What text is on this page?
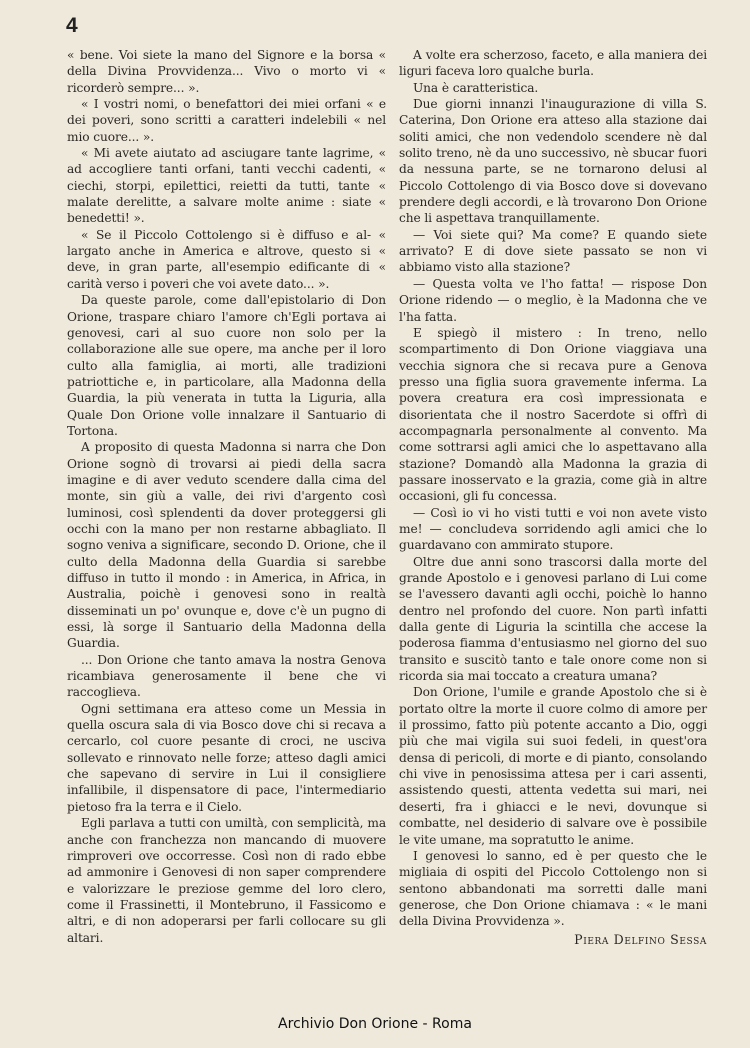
4

« bene. Voi siete la mano del Signore e la borsa « della Divina Provvidenza... Vivo o morto vi « ricorderò sempre... ».

« I vostri nomi, o benefattori dei miei orfani « e dei poveri, sono scritti a caratteri indelebili « nel mio cuore... ».

« Mi avete aiutato ad asciugare tante lagrime, « ad accogliere tanti orfani, tanti vecchi cadenti, « ciechi, storpi, epilettici, reietti da tutti, tante « malate derelitte, a salvare molte anime : siate « benedetti! ».

« Se il Piccolo Cottolengo si è diffuso e al- « largato anche in America e altrove, questo si « deve, in gran parte, all'esempio edificante di « carità verso i poveri che voi avete dato... ».

Da queste parole, come dall'epistolario di Don Orione, traspare chiaro l'amore ch'Egli portava ai genovesi, cari al suo cuore non solo per la collaborazione alle sue opere, ma anche per il loro culto alla famiglia, ai morti, alle tradizioni patriottiche e, in particolare, alla Madonna della Guardia, la più venerata in tutta la Liguria, alla Quale Don Orione volle innalzare il Santuario di Tortona.

A proposito di questa Madonna si narra che Don Orione sognò di trovarsi ai piedi della sacra imagine e di aver veduto scendere dalla cima del monte, sin giù a valle, dei rivi d'argento così luminosi, così splendenti da dover proteggersi gli occhi con la mano per non restarne abbagliato. Il sogno veniva a significare, secondo D. Orione, che il culto della Madonna della Guardia si sarebbe diffuso in tutto il mondo : in America, in Africa, in Australia, poichè i genovesi sono in realtà disseminati un po' ovunque e, dove c'è un pugno di essi, là sorge il Santuario della Madonna della Guardia.

... Don Orione che tanto amava la nostra Genova ricambiava generosamente il bene che vi raccoglieva.

Ogni settimana era atteso come un Messia in quella oscura sala di via Bosco dove chi si recava a cercarlo, col cuore pesante di croci, ne usciva sollevato e rinnovato nelle forze; atteso dagli amici che sapevano di servire in Lui il consigliere infallibile, il dispensatore di pace, l'intermediario pietoso fra la terra e il Cielo.

Egli parlava a tutti con umiltà, con semplicità, ma anche con franchezza non mancando di muovere rimproveri ove occorresse. Così non di rado ebbe ad ammonire i Genovesi di non saper comprendere e valorizzare le preziose gemme del loro clero, come il Frassinetti, il Montebruno, il Fassicomo e altri, e di non adoperarsi per farli collocare su gli altari.

A volte era scherzoso, faceto, e alla maniera dei liguri faceva loro qualche burla.

Una è caratteristica.

Due giorni innanzi l'inaugurazione di villa S. Caterina, Don Orione era atteso alla stazione dai soliti amici, che non vedendolo scendere nè dal solito treno, nè da uno successivo, nè sbucar fuori da nessuna parte, se ne tornarono delusi al Piccolo Cottolengo di via Bosco dove si dovevano prendere degli accordi, e là trovarono Don Orione che li aspettava tranquillamente.

— Voi siete qui? Ma come? E quando siete arrivato? E di dove siete passato se non vi abbiamo visto alla stazione?

— Questa volta ve l'ho fatta! — rispose Don Orione ridendo — o meglio, è la Madonna che ve l'ha fatta.

E spiegò il mistero : In treno, nello scompartimento di Don Orione viaggiava una vecchia signora che si recava pure a Genova presso una figlia suora gravemente inferma. La povera creatura era così impressionata e disorientata che il nostro Sacerdote si offrì di accompagnarla personalmente al convento. Ma come sottrarsi agli amici che lo aspettavano alla stazione? Domandò alla Madonna la grazia di passare inosservato e la grazia, come già in altre occasioni, gli fu concessa.

— Così io vi ho visti tutti e voi non avete visto me! — concludeva sorridendo agli amici che lo guardavano con ammirato stupore.

Oltre due anni sono trascorsi dalla morte del grande Apostolo e i genovesi parlano di Lui come se l'avessero davanti agli occhi, poichè lo hanno dentro nel profondo del cuore. Non partì infatti dalla gente di Liguria la scintilla che accese la poderosa fiamma d'entusiasmo nel giorno del suo transito e suscitò tanto e tale onore come non si ricorda sia mai toccato a creatura umana?

Don Orione, l'umile e grande Apostolo che si è portato oltre la morte il cuore colmo di amore per il prossimo, fatto più potente accanto a Dio, oggi più che mai vigila sui suoi fedeli, in quest'ora densa di pericoli, di morte e di pianto, consolando chi vive in penosissima attesa per i cari assenti, assistendo questi, attenta vedetta sui mari, nei deserti, fra i ghiacci e le nevi, dovunque si combatte, nel desiderio di salvare ove è possibile le vite umane, ma sopratutto le anime.

I genovesi lo sanno, ed è per questo che le migliaia di ospiti del Piccolo Cottolengo non si sentono abbandonati ma sorretti dalle mani generose, che Don Orione chiamava : « le mani della Divina Provvidenza ».

Piera Delfino Sessa
Archivio Don Orione - Roma
